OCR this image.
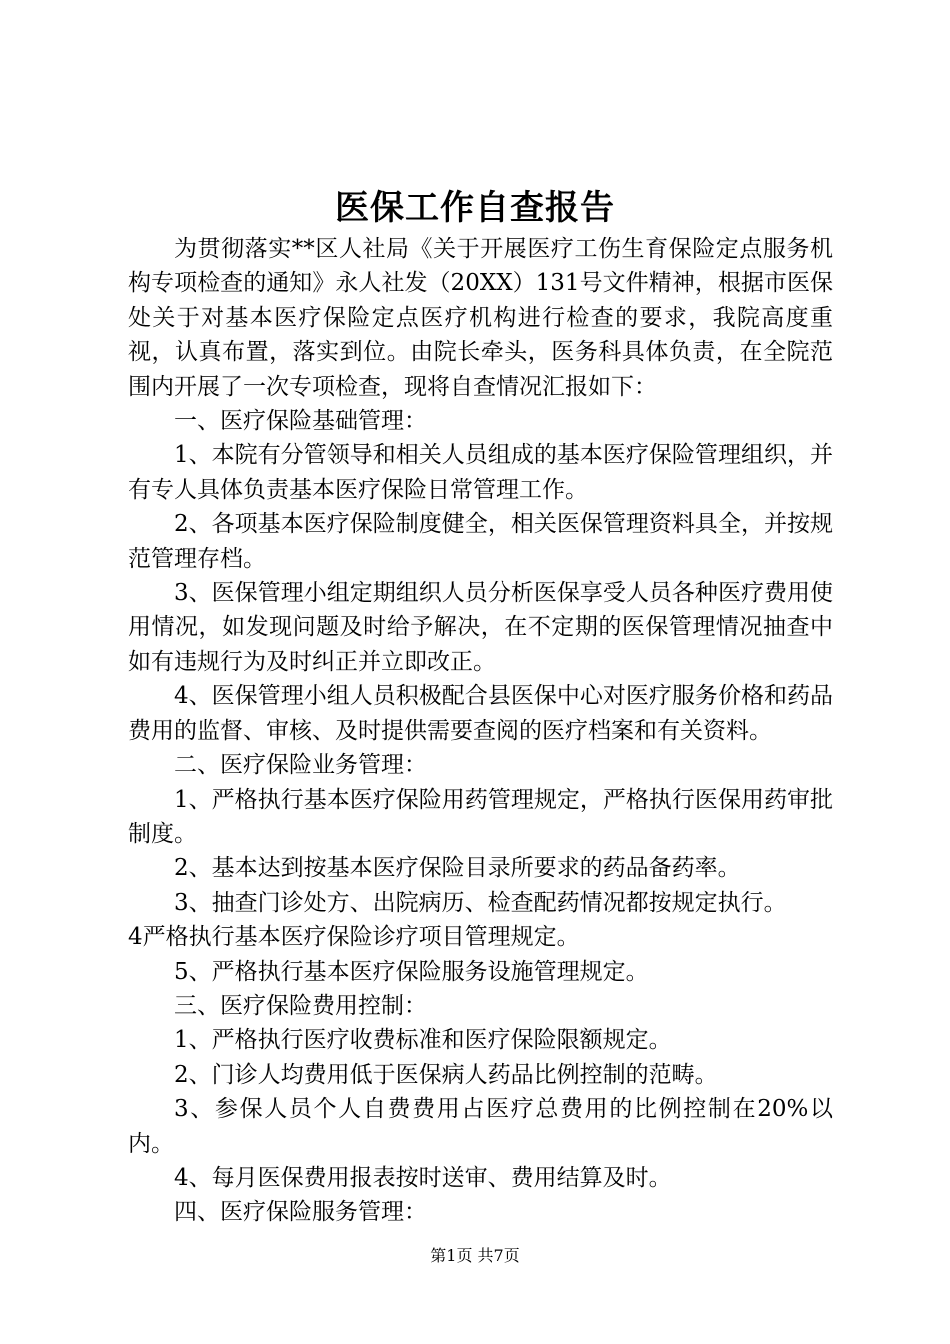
医保工作自查报告

为贯彻落实**区人社局《关于开展医疗工伤生育保险定点服务机构专项检查的通知》永人社发（20XX）131号文件精神，根据市医保处关于对基本医疗保险定点医疗机构进行检查的要求，我院高度重视，认真布置，落实到位。由院长牵头，医务科具体负责，在全院范围内开展了一次专项检查，现将自查情况汇报如下：

一、医疗保险基础管理：

1、本院有分管领导和相关人员组成的基本医疗保险管理组织，并有专人具体负责基本医疗保险日常管理工作。

2、各项基本医疗保险制度健全，相关医保管理资料具全，并按规范管理存档。

3、医保管理小组定期组织人员分析医保享受人员各种医疗费用使用情况，如发现问题及时给予解决，在不定期的医保管理情况抽查中如有违规行为及时纠正并立即改正。

4、医保管理小组人员积极配合县医保中心对医疗服务价格和药品费用的监督、审核、及时提供需要查阅的医疗档案和有关资料。

二、医疗保险业务管理：

1、严格执行基本医疗保险用药管理规定，严格执行医保用药审批制度。

2、基本达到按基本医疗保险目录所要求的药品备药率。

3、抽查门诊处方、出院病历、检查配药情况都按规定执行。

4严格执行基本医疗保险诊疗项目管理规定。

5、严格执行基本医疗保险服务设施管理规定。

三、医疗保险费用控制：

1、严格执行医疗收费标准和医疗保险限额规定。

2、门诊人均费用低于医保病人药品比例控制的范畴。

3、参保人员个人自费费用占医疗总费用的比例控制在20%以内。

4、每月医保费用报表按时送审、费用结算及时。

四、医疗保险服务管理：

第1页 共7页
